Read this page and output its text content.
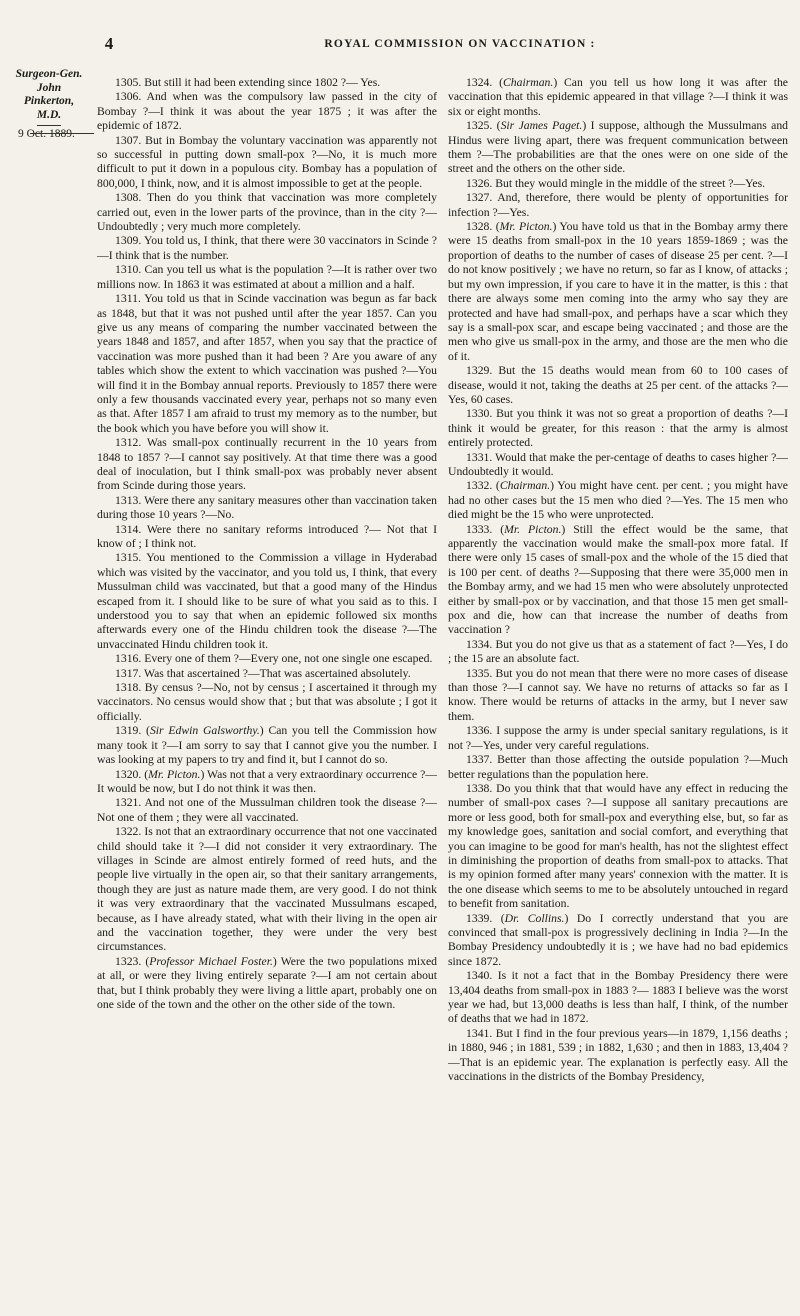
4	ROYAL COMMISSION ON VACCINATION :
Surgeon-Gen.
John
Pinkerton,
M.D.
9 Oct. 1889.

1305. But still it had been extending since 1802 ?— Yes.

1306. And when was the compulsory law passed in the city of Bombay ?—I think it was about the year 1875 ; it was after the epidemic of 1872.

1307. But in Bombay the voluntary vaccination was apparently not so successful in putting down small-pox ?—No, it is much more difficult to put it down in a populous city. Bombay has a population of 800,000, I think, now, and it is almost impossible to get at the people.

1308. Then do you think that vaccination was more completely carried out, even in the lower parts of the province, than in the city ?—Undoubtedly ; very much more completely.

1309. You told us, I think, that there were 30 vaccinators in Scinde ?—I think that is the number.

1310. Can you tell us what is the population ?—It is rather over two millions now. In 1863 it was estimated at about a million and a half.

1311. You told us that in Scinde vaccination was begun as far back as 1848, but that it was not pushed until after the year 1857. Can you give us any means of comparing the number vaccinated between the years 1848 and 1857, and after 1857, when you say that the practice of vaccination was more pushed than it had been ? Are you aware of any tables which show the extent to which vaccination was pushed ?—You will find it in the Bombay annual reports. Previously to 1857 there were only a few thousands vaccinated every year, perhaps not so many even as that. After 1857 I am afraid to trust my memory as to the number, but the book which you have before you will show it.

1312. Was small-pox continually recurrent in the 10 years from 1848 to 1857 ?—I cannot say positively. At that time there was a good deal of inoculation, but I think small-pox was probably never absent from Scinde during those years.

1313. Were there any sanitary measures other than vaccination taken during those 10 years ?—No.

1314. Were there no sanitary reforms introduced ?— Not that I know of ; I think not.

1315. You mentioned to the Commission a village in Hyderabad which was visited by the vaccinator, and you told us, I think, that every Mussulman child was vaccinated, but that a good many of the Hindus escaped from it. I should like to be sure of what you said as to this. I understood you to say that when an epidemic followed six months afterwards every one of the Hindu children took the disease ?—The unvaccinated Hindu children took it.

1316. Every one of them ?—Every one, not one single one escaped.

1317. Was that ascertained ?—That was ascertained absolutely.

1318. By census ?—No, not by census ; I ascertained it through my vaccinators. No census would show that ; but that was absolute ; I got it officially.

1319. (Sir Edwin Galsworthy.) Can you tell the Commission how many took it ?—I am sorry to say that I cannot give you the number. I was looking at my papers to try and find it, but I cannot do so.

1320. (Mr. Picton.) Was not that a very extraordinary occurrence ?—It would be now, but I do not think it was then.

1321. And not one of the Mussulman children took the disease ?—Not one of them ; they were all vaccinated.

1322. Is not that an extraordinary occurrence that not one vaccinated child should take it ?—I did not consider it very extraordinary. The villages in Scinde are almost entirely formed of reed huts, and the people live virtually in the open air, so that their sanitary arrangements, though they are just as nature made them, are very good. I do not think it was very extraordinary that the vaccinated Mussulmans escaped, because, as I have already stated, what with their living in the open air and the vaccination together, they were under the very best circumstances.

1323. (Professor Michael Foster.) Were the two populations mixed at all, or were they living entirely separate ?—I am not certain about that, but I think probably they were living a little apart, probably one on one side of the town and the other on the other side of the town.

1324. (Chairman.) Can you tell us how long it was after the vaccination that this epidemic appeared in that village ?—I think it was six or eight months.

1325. (Sir James Paget.) I suppose, although the Mussulmans and Hindus were living apart, there was frequent communication between them ?—The probabilities are that the ones were on one side of the street and the others on the other side.

1326. But they would mingle in the middle of the street ?—Yes.

1327. And, therefore, there would be plenty of opportunities for infection ?—Yes.

1328. (Mr. Picton.) You have told us that in the Bombay army there were 15 deaths from small-pox in the 10 years 1859-1869 ; was the proportion of deaths to the number of cases of disease 25 per cent. ?—I do not know positively ; we have no return, so far as I know, of attacks ; but my own impression, if you care to have it in the matter, is this : that there are always some men coming into the army who say they are protected and have had small-pox, and perhaps have a scar which they say is a small-pox scar, and escape being vaccinated ; and those are the men who give us small-pox in the army, and those are the men who die of it.

1329. But the 15 deaths would mean from 60 to 100 cases of disease, would it not, taking the deaths at 25 per cent. of the attacks ?—Yes, 60 cases.

1330. But you think it was not so great a proportion of deaths ?—I think it would be greater, for this reason : that the army is almost entirely protected.

1331. Would that make the per-centage of deaths to cases higher ?—Undoubtedly it would.

1332. (Chairman.) You might have cent. per cent. ; you might have had no other cases but the 15 men who died ?—Yes. The 15 men who died might be the 15 who were unprotected.

1333. (Mr. Picton.) Still the effect would be the same, that apparently the vaccination would make the small-pox more fatal. If there were only 15 cases of small-pox and the whole of the 15 died that is 100 per cent. of deaths ?—Supposing that there were 35,000 men in the Bombay army, and we had 15 men who were absolutely unprotected either by small-pox or by vaccination, and that those 15 men get small-pox and die, how can that increase the number of deaths from vaccination ?

1334. But you do not give us that as a statement of fact ?—Yes, I do ; the 15 are an absolute fact.

1335. But you do not mean that there were no more cases of disease than those ?—I cannot say. We have no returns of attacks so far as I know. There would be returns of attacks in the army, but I never saw them.

1336. I suppose the army is under special sanitary regulations, is it not ?—Yes, under very careful regulations.

1337. Better than those affecting the outside population ?—Much better regulations than the population here.

1338. Do you think that that would have any effect in reducing the number of small-pox cases ?—I suppose all sanitary precautions are more or less good, both for small-pox and everything else, but, so far as my knowledge goes, sanitation and social comfort, and everything that you can imagine to be good for man's health, has not the slightest effect in diminishing the proportion of deaths from small-pox to attacks. That is my opinion formed after many years' connexion with the matter. It is the one disease which seems to me to be absolutely untouched in regard to benefit from sanitation.

1339. (Dr. Collins.) Do I correctly understand that you are convinced that small-pox is progressively declining in India ?—In the Bombay Presidency undoubtedly it is ; we have had no bad epidemics since 1872.

1340. Is it not a fact that in the Bombay Presidency there were 13,404 deaths from small-pox in 1883 ?— 1883 I believe was the worst year we had, but 13,000 deaths is less than half, I think, of the number of deaths that we had in 1872.

1341. But I find in the four previous years—in 1879, 1,156 deaths ; in 1880, 946 ; in 1881, 539 ; in 1882, 1,630 ; and then in 1883, 13,404 ?—That is an epidemic year. The explanation is perfectly easy. All the vaccinations in the districts of the Bombay Presidency,
